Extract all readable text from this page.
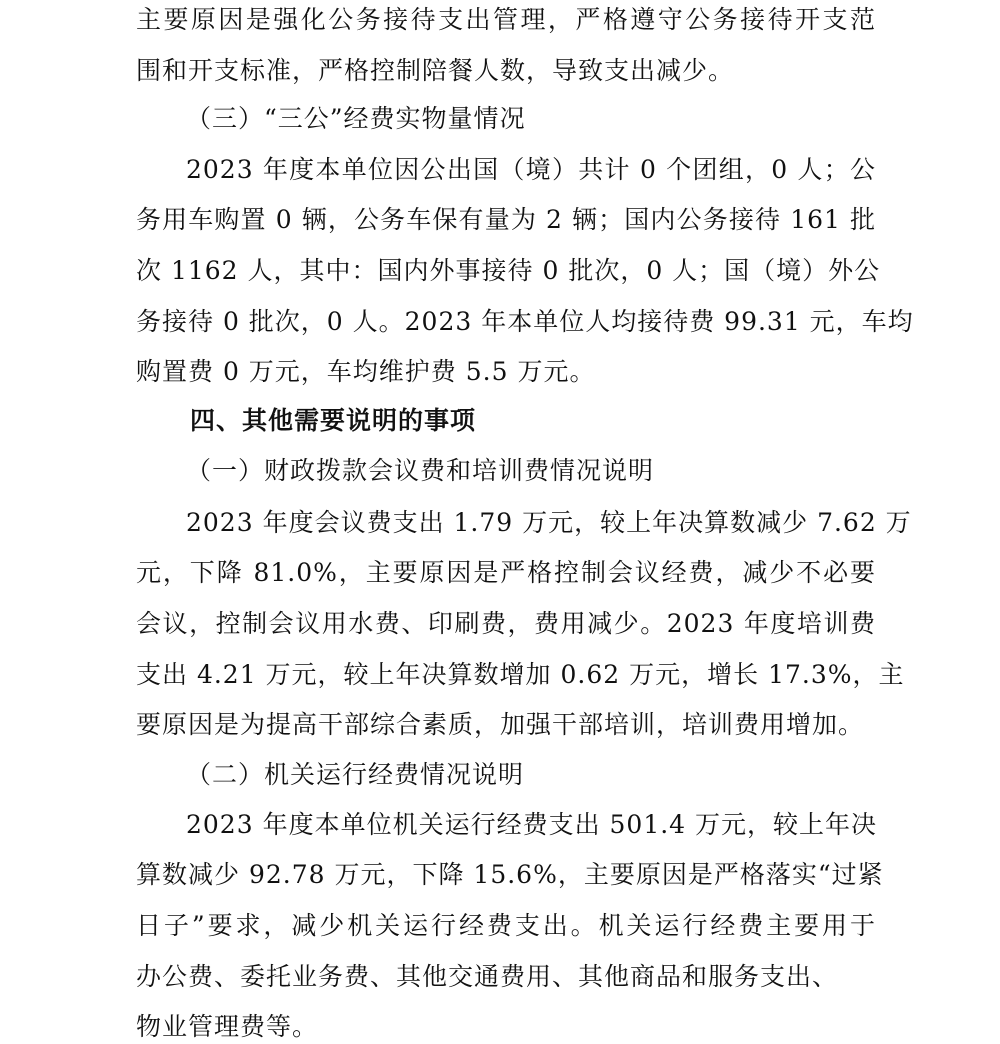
主要原因是强化公务接待支出管理，严格遵守公务接待开支范
围和开支标准，严格控制陪餐人数，导致支出减少。
（三）“三公”经费实物量情况
2023 年度本单位因公出国（境）共计 0 个团组，0 人；公
务用车购置 0 辆，公务车保有量为 2 辆；国内公务接待 161 批
次 1162 人，其中：国内外事接待 0 批次，0 人；国（境）外公
务接待 0 批次，0 人。2023 年本单位人均接待费 99.31 元，车均
购置费 0 万元，车均维护费 5.5 万元。
四、其他需要说明的事项
（一）财政拨款会议费和培训费情况说明
2023 年度会议费支出 1.79 万元，较上年决算数减少 7.62 万
元，下降 81.0%，主要原因是严格控制会议经费，减少不必要
会议，控制会议用水费、印刷费，费用减少。2023 年度培训费
支出 4.21 万元，较上年决算数增加 0.62 万元，增长 17.3%，主
要原因是为提高干部综合素质，加强干部培训，培训费用增加。
（二）机关运行经费情况说明
2023 年度本单位机关运行经费支出 501.4 万元，较上年决
算数减少 92.78 万元，下降 15.6%，主要原因是严格落实“过紧
日子”要求，减少机关运行经费支出。机关运行经费主要用于
办公费、委托业务费、其他交通费用、其他商品和服务支出、
物业管理费等。
